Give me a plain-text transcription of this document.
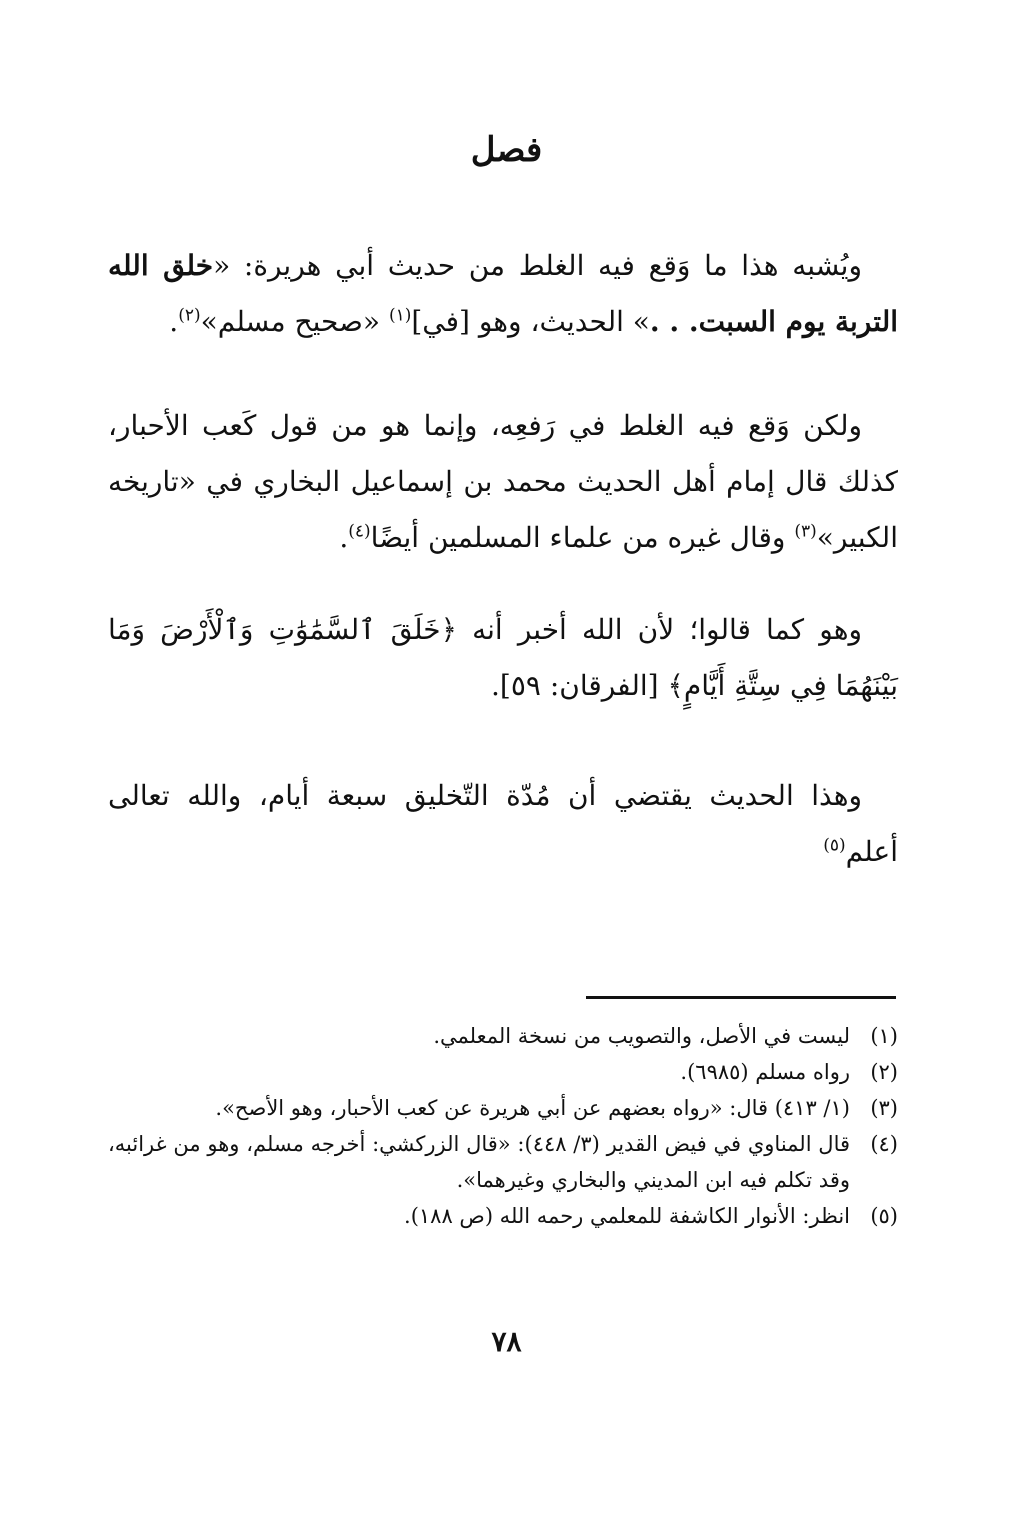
فصل

ويُشبه هذا ما وَقع فيه الغلط من حديث أبي هريرة: «خلق الله التربة يوم السبت. . .» الحديث، وهو [في]$^{(١)}$ «صحيح مسلم»$^{(٢)}$.

ولكن وَقع فيه الغلط في رَفعِه، وإنما هو من قول كَعب الأحبار، كذلك قال إمام أهل الحديث محمد بن إسماعيل البخاري في «تاريخه الكبير»$^{(٣)}$ وقال غيره من علماء المسلمين أيضًا$^{(٤)}$.

وهو كما قالوا؛ لأن الله أخبر أنه ﴿خَلَقَ ٱلسَّمَٰوَٰتِ وَٱلْأَرْضَ وَمَا بَيْنَهُمَا فِي سِتَّةِ أَيَّامٍ﴾ [الفرقان: ٥٩].

وهذا الحديث يقتضي أن مُدّة التّخليق سبعة أيام، والله تعالى أعلم$^{(٥)}$

(١)
ليست في الأصل، والتصويب من نسخة المعلمي.
(٢)
رواه مسلم (٦٩٨٥).
(٣)
(١/ ٤١٣) قال: «رواه بعضهم عن أبي هريرة عن كعب الأحبار، وهو الأصح».
(٤)
قال المناوي في فيض القدير (٣/ ٤٤٨): «قال الزركشي: أخرجه مسلم، وهو من غرائبه، وقد تكلم فيه ابن المديني والبخاري وغيرهما».
(٥)
انظر: الأنوار الكاشفة للمعلمي رحمه الله (ص ١٨٨).
٧٨
